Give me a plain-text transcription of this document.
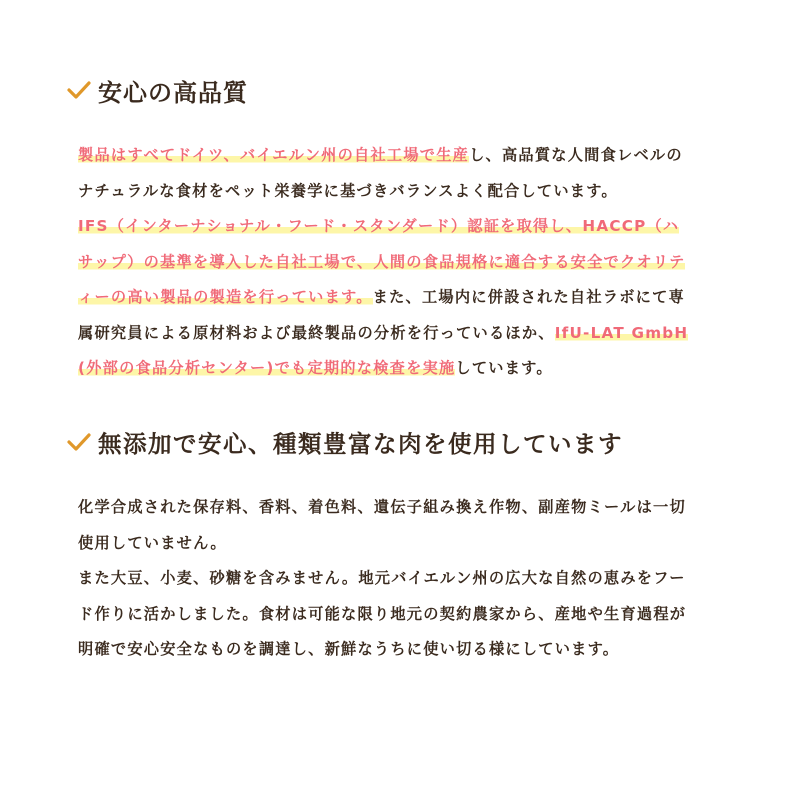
安心の高品質
製品はすべてドイツ、バイエルン州の自社工場で生産し、高品質な人間食レベルの
ナチュラルな食材をペット栄養学に基づきバランスよく配合しています。
IFS（インターナショナル・フード・スタンダード）認証を取得し、HACCP（ハ
サップ）の基準を導入した自社工場で、人間の食品規格に適合する安全でクオリテ
ィーの高い製品の製造を行っています。また、工場内に併設された自社ラボにて専
属研究員による原材料および最終製品の分析を行っているほか、IfU-LAT GmbH
(外部の食品分析センター)でも定期的な検査を実施しています。
無添加で安心、種類豊富な肉を使用しています
化学合成された保存料、香料、着色料、遺伝子組み換え作物、副産物ミールは一切
使用していません。
また大豆、小麦、砂糖を含みません。地元バイエルン州の広大な自然の恵みをフー
ド作りに活かしました。食材は可能な限り地元の契約農家から、産地や生育過程が
明確で安心安全なものを調達し、新鮮なうちに使い切る様にしています。
